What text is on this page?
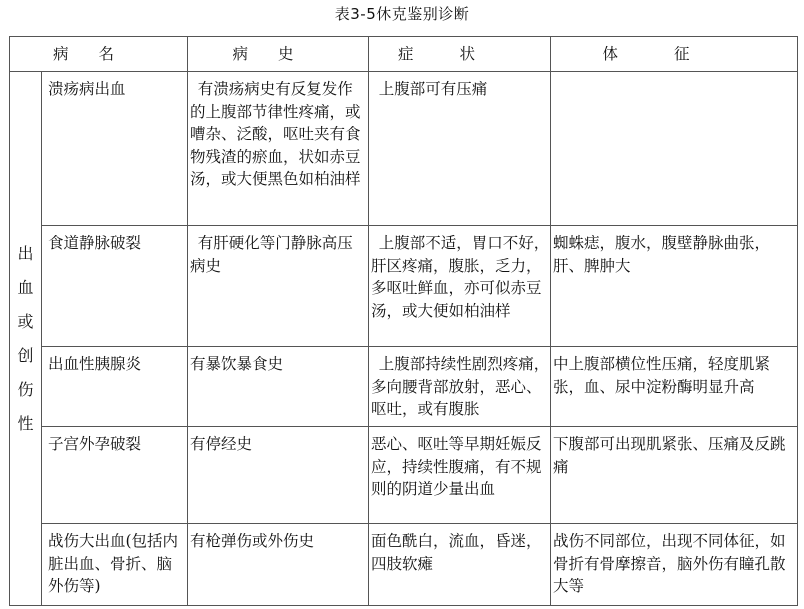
表3-5休克鉴别诊断
病名		病史	症状	体征
出血或创伤性	溃疡病出血	有溃疡病史有反复发作的上腹部节律性疼痛，或嘈杂、泛酸，呕吐夹有食物残渣的瘀血，状如赤豆汤，或大便黑色如柏油样	上腹部可有压痛	
	食道静脉破裂	有肝硬化等门静脉高压病史	上腹部不适，胃口不好，肝区疼痛，腹胀，乏力，多呕吐鲜血，亦可似赤豆汤，或大便如柏油样	蜘蛛痣，腹水，腹壁静脉曲张，肝、脾肿大
	出血性胰腺炎	有暴饮暴食史	上腹部持续性剧烈疼痛，多向腰背部放射，恶心、呕吐，或有腹胀	中上腹部横位性压痛，轻度肌紧张，血、尿中淀粉酶明显升高
	子宫外孕破裂	有停经史	恶心、呕吐等早期妊娠反应，持续性腹痛，有不规则的阴道少量出血	下腹部可出现肌紧张、压痛及反跳痛
	战伤大出血(包括内脏出血、骨折、脑外伤等)	有枪弹伤或外伤史	面色酰白，流血，昏迷，四肢软瘫	战伤不同部位，出现不同体征，如骨折有骨摩擦音，脑外伤有瞳孔散大等
